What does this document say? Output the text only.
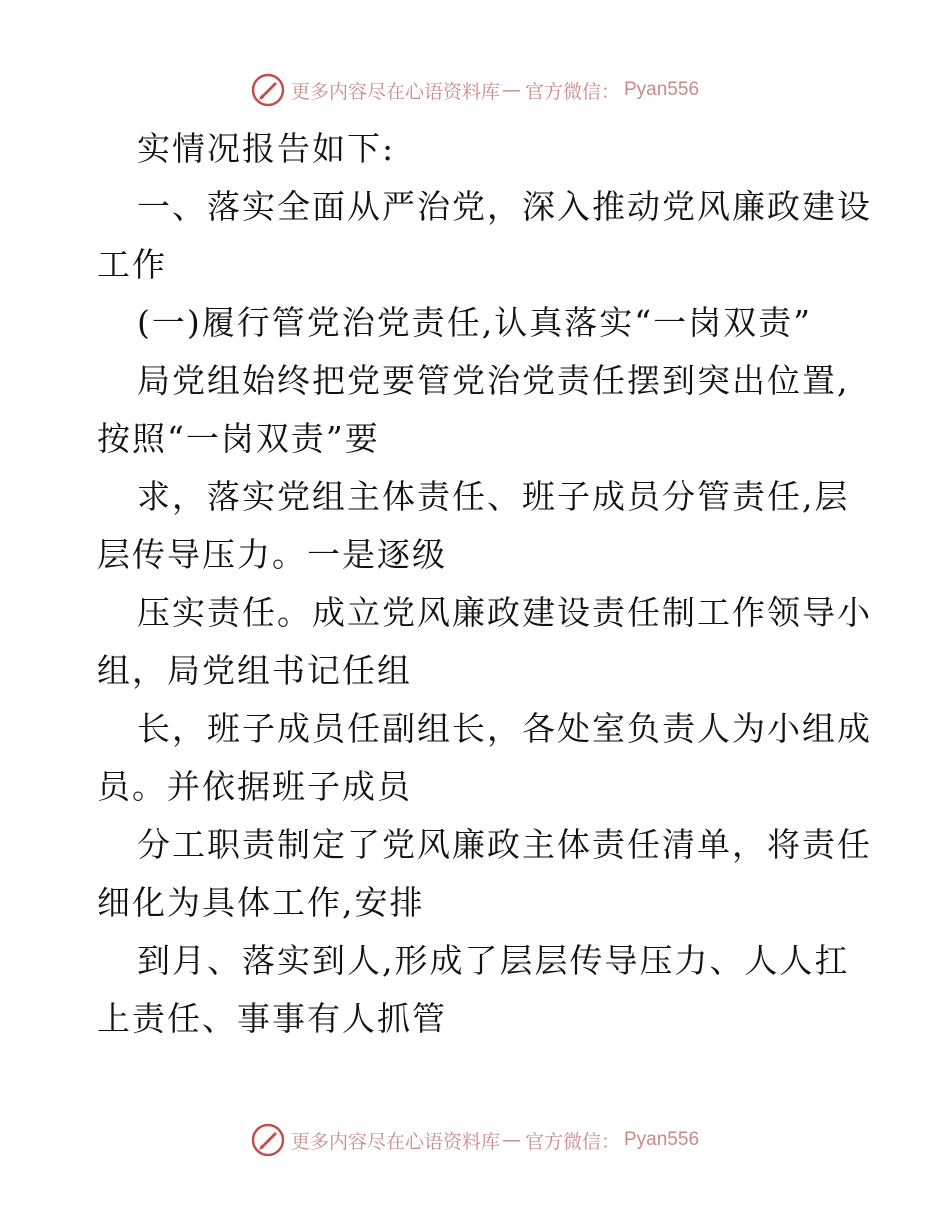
更多内容尽在心语资料库 — 官方微信： Pyan556

实情况报告如下:

一、落实全面从严治党，深入推动党风廉政建设

工作

(一)履行管党治党责任,认真落实“一岗双责”

局党组始终把党要管党治党责任摆到突出位置,

按照“一岗双责”要

求，落实党组主体责任、班子成员分管责任,层

层传导压力。一是逐级

压实责任。成立党风廉政建设责任制工作领导小

组，局党组书记任组

长，班子成员任副组长，各处室负责人为小组成

员。并依据班子成员

分工职责制定了党风廉政主体责任清单，将责任

细化为具体工作,安排

到月、落实到人,形成了层层传导压力、人人扛

上责任、事事有人抓管

更多内容尽在心语资料库 — 官方微信： Pyan556
